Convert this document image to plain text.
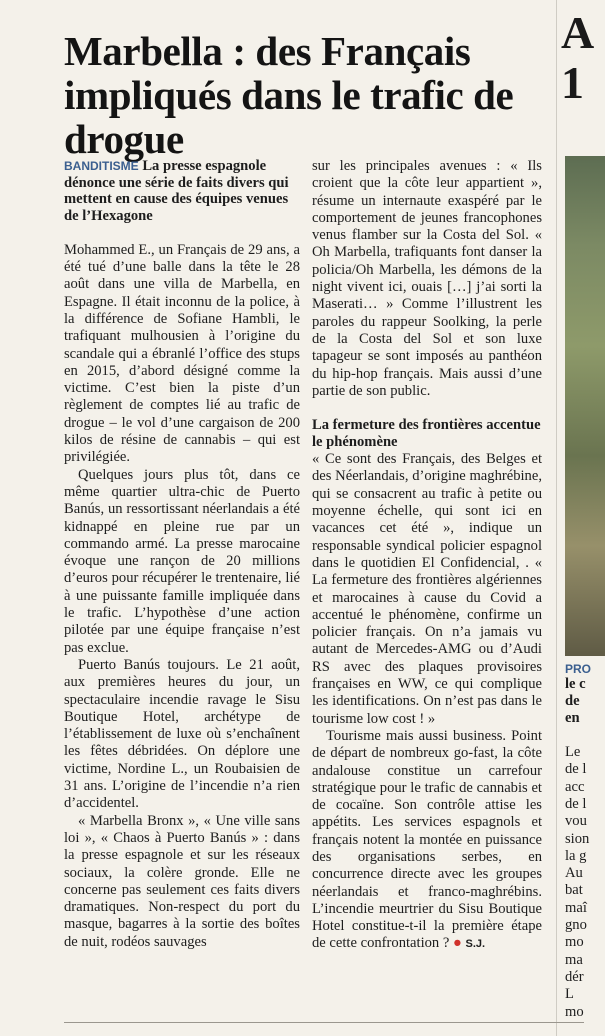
Marbella : des Français impliqués dans le trafic de drogue

BANDITISME La presse espagnole dénonce une série de faits divers qui mettent en cause des équipes venues de l’Hexagone

Mohammed E., un Français de 29 ans, a été tué d’une balle dans la tête le 28 août dans une villa de Marbella, en Espagne. Il était inconnu de la police, à la différence de Sofiane Hambli, le trafiquant mulhousien à l’origine du scandale qui a ébranlé l’office des stups en 2015, d’abord désigné comme la victime. C’est bien la piste d’un règlement de comptes lié au trafic de drogue – le vol d’une cargaison de 200 kilos de résine de cannabis – qui est privilégiée.

Quelques jours plus tôt, dans ce même quartier ultra-chic de Puerto Banús, un ressortissant néerlandais a été kidnappé en pleine rue par un commando armé. La presse marocaine évoque une rançon de 20 millions d’euros pour récupérer le trentenaire, lié à une puissante famille impliquée dans le trafic. L’hypothèse d’une action pilotée par une équipe française n’est pas exclue.

Puerto Banús toujours. Le 21 août, aux premières heures du jour, un spectaculaire incendie ravage le Sisu Boutique Hotel, archétype de l’établissement de luxe où s’enchaînent les fêtes débridées. On déplore une victime, Nordine L., un Roubaisien de 31 ans. L’origine de l’incendie n’a rien d’accidentel.

« Marbella Bronx », « Une ville sans loi », « Chaos à Puerto Banús » : dans la presse espagnole et sur les réseaux sociaux, la colère gronde. Elle ne concerne pas seulement ces faits divers dramatiques. Non-respect du port du masque, bagarres à la sortie des boîtes de nuit, rodéos sauvages

sur les principales avenues : « Ils croient que la côte leur appartient », résume un internaute exaspéré par le comportement de jeunes francophones venus flamber sur la Costa del Sol. « Oh Marbella, trafiquants font danser la policia/Oh Marbella, les démons de la night vivent ici, ouais […] j’ai sorti la Maserati… » Comme l’illustrent les paroles du rappeur Soolking, la perle de la Costa del Sol et son luxe tapageur se sont imposés au panthéon du hip-hop français. Mais aussi d’une partie de son public.

La fermeture des frontières accentue le phénomène

« Ce sont des Français, des Belges et des Néerlandais, d’origine maghrébine, qui se consacrent au trafic à petite ou moyenne échelle, qui sont ici en vacances cet été », indique un responsable syndical policier espagnol dans le quotidien El Confidencial, . « La fermeture des frontières algériennes et marocaines à cause du Covid a accentué le phénomène, confirme un policier français. On n’a jamais vu autant de Mercedes-AMG ou d’Audi RS avec des plaques provisoires françaises en WW, ce qui complique les identifications. On n’est pas dans le tourisme low cost ! »

Tourisme mais aussi business. Point de départ de nombreux go-fast, la côte andalouse constitue un carrefour stratégique pour le trafic de cannabis et de cocaïne. Son contrôle attise les appétits. Les services espagnols et français notent la montée en puissance des organisations serbes, en concurrence directe avec les groupes néerlandais et franco-maghrébins. L’incendie meurtrier du Sisu Boutique Hotel constitue-t-il la première étape de cette confrontation ? ● S.J.

A
1
PRO
le c
de
en
Le
de l
acc
de l
vou
sion
la g
Au
bat
maî
gno
mo
ma
dér
L
mo
